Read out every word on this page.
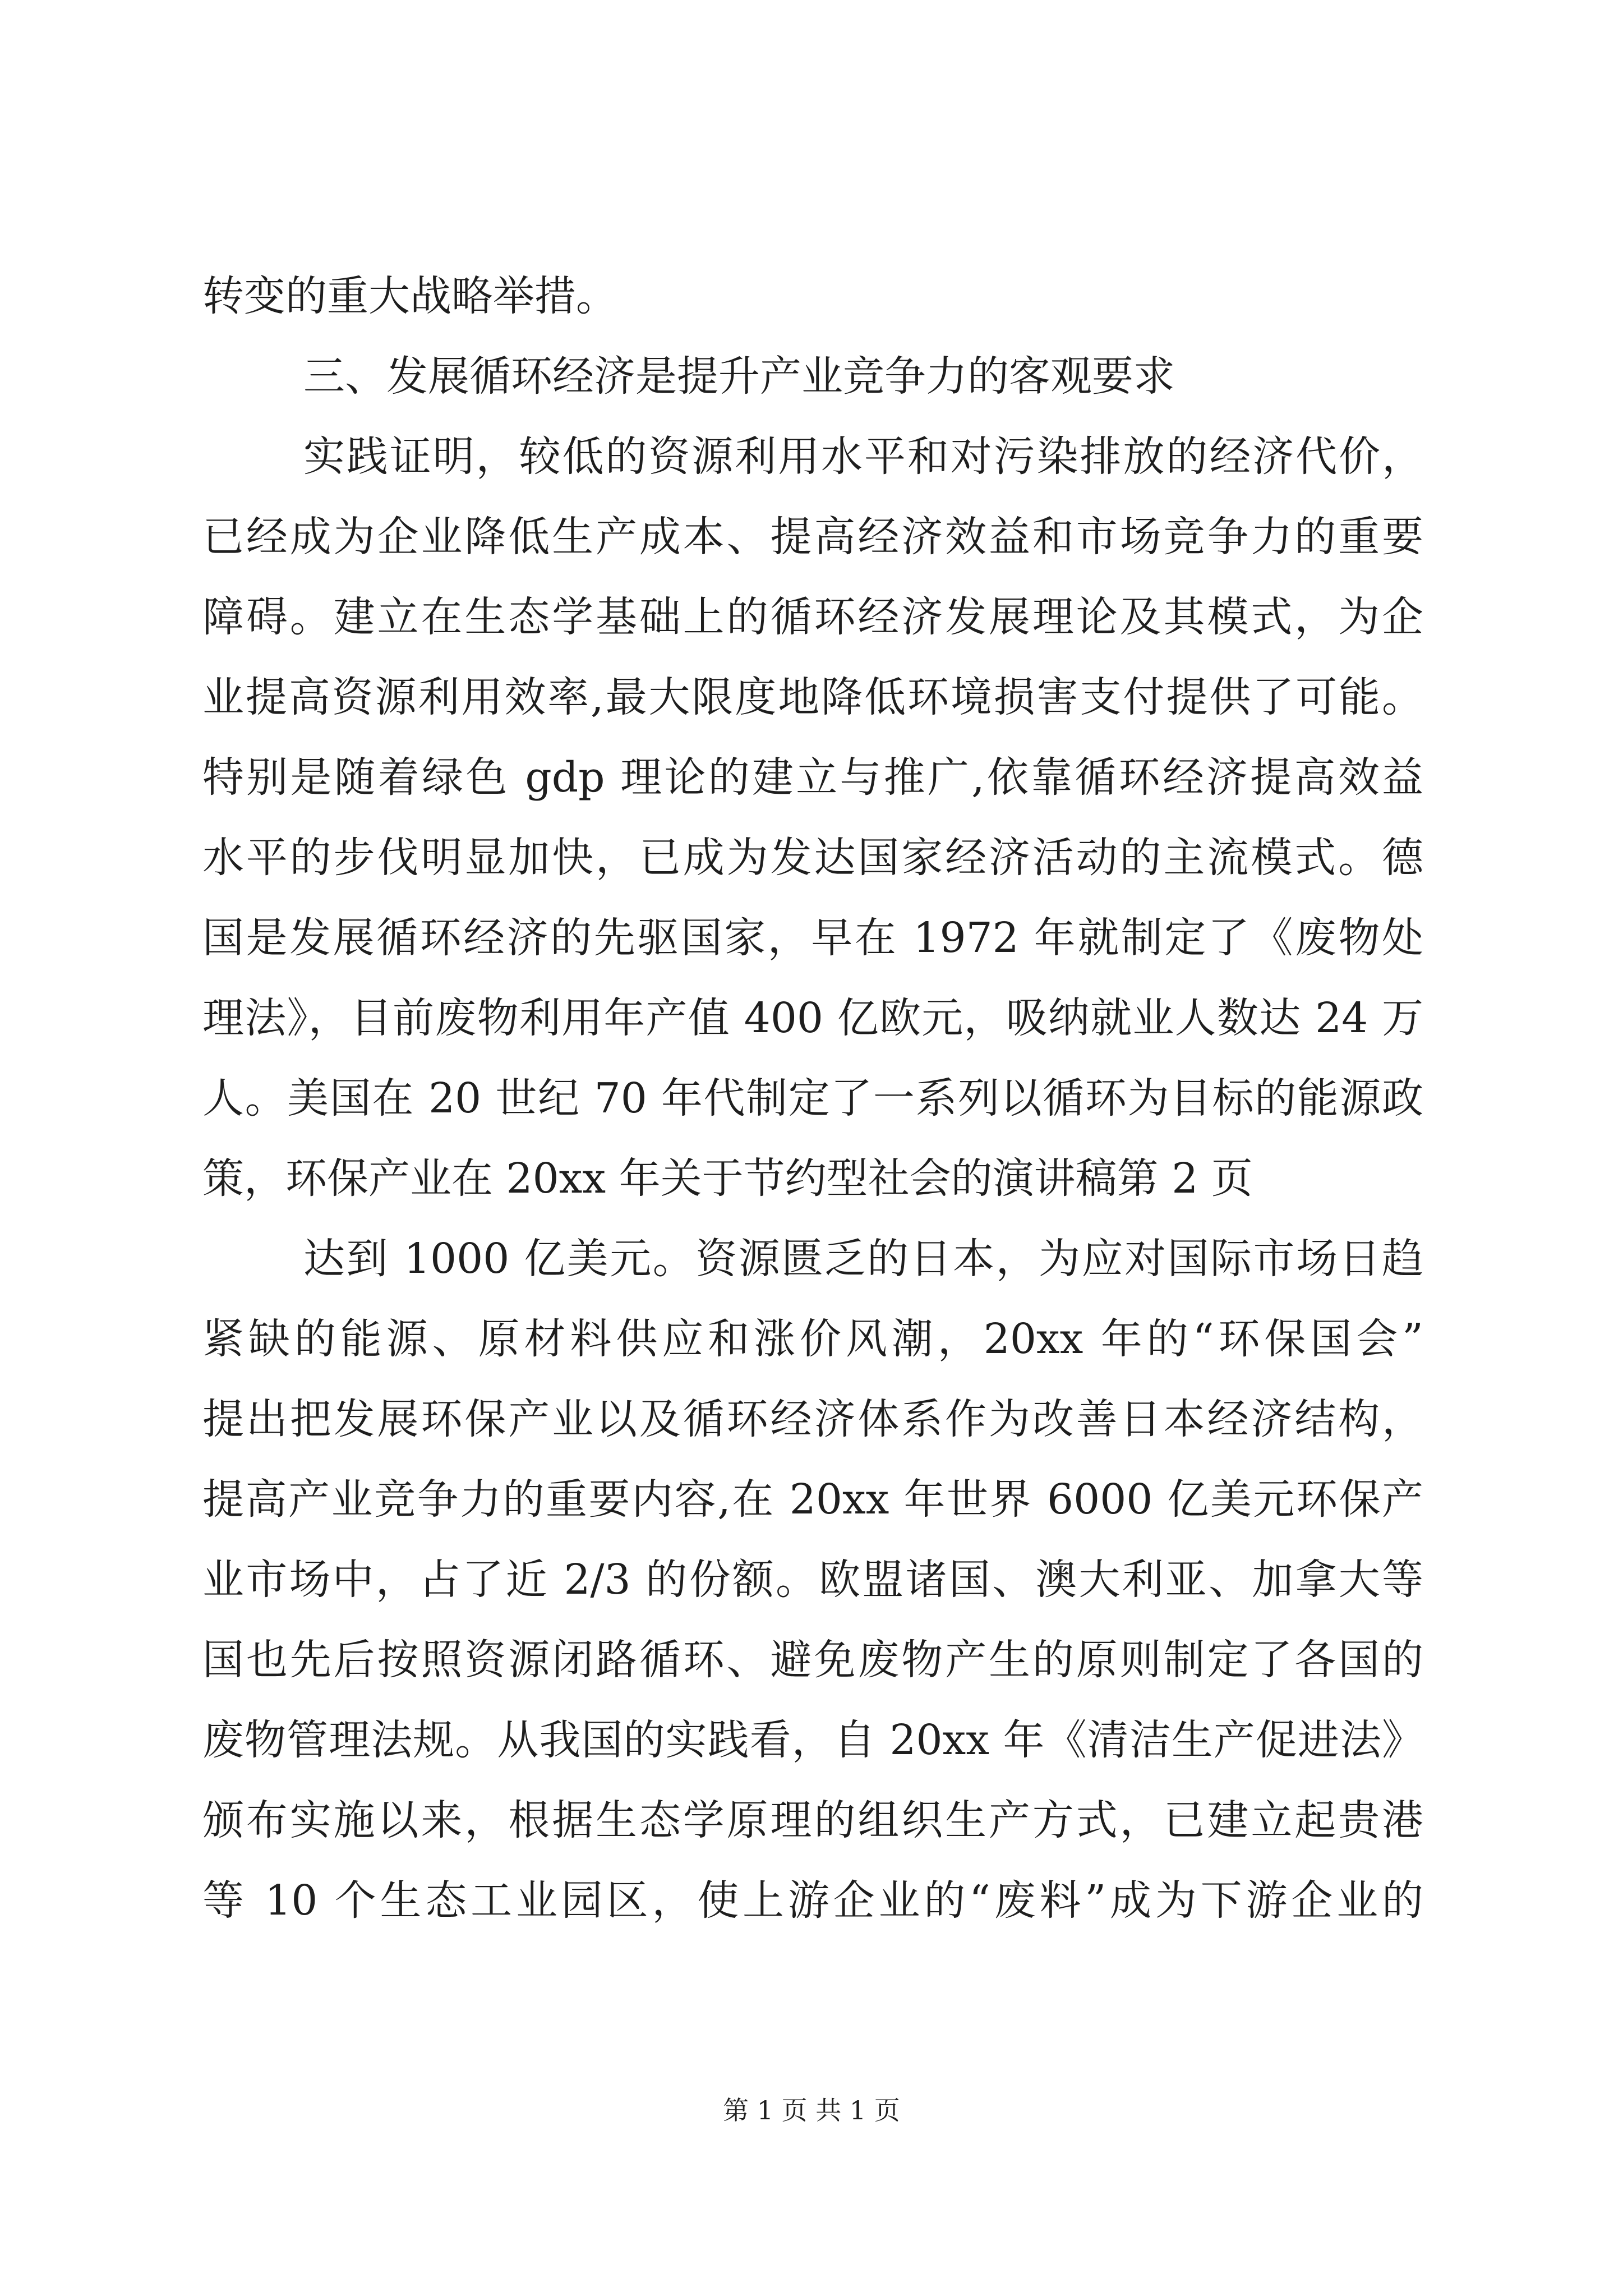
转变的重大战略举措。
三、发展循环经济是提升产业竞争力的客观要求
实践证明，较低的资源利用水平和对污染排放的经济代价，
已经成为企业降低生产成本、提高经济效益和市场竞争力的重要
障碍。建立在生态学基础上的循环经济发展理论及其模式，为企
业提高资源利用效率,最大限度地降低环境损害支付提供了可能。
特别是随着绿色 gdp 理论的建立与推广,依靠循环经济提高效益
水平的步伐明显加快，已成为发达国家经济活动的主流模式。德
国是发展循环经济的先驱国家，早在 1972 年就制定了《废物处
理法》，目前废物利用年产值 400 亿欧元，吸纳就业人数达 24 万
人。美国在 20 世纪 70 年代制定了一系列以循环为目标的能源政
策，环保产业在 20xx 年关于节约型社会的演讲稿第 2 页
达到 1000 亿美元。资源匮乏的日本，为应对国际市场日趋
紧缺的能源、原材料供应和涨价风潮，20xx 年的“环保国会”
提出把发展环保产业以及循环经济体系作为改善日本经济结构，
提高产业竞争力的重要内容,在 20xx 年世界 6000 亿美元环保产
业市场中，占了近 2/3 的份额。欧盟诸国、澳大利亚、加拿大等
国也先后按照资源闭路循环、避免废物产生的原则制定了各国的
废物管理法规。从我国的实践看，自 20xx 年《清洁生产促进法》
颁布实施以来，根据生态学原理的组织生产方式，已建立起贵港
等 10 个生态工业园区，使上游企业的“废料”成为下游企业的
第 1 页 共 1 页
